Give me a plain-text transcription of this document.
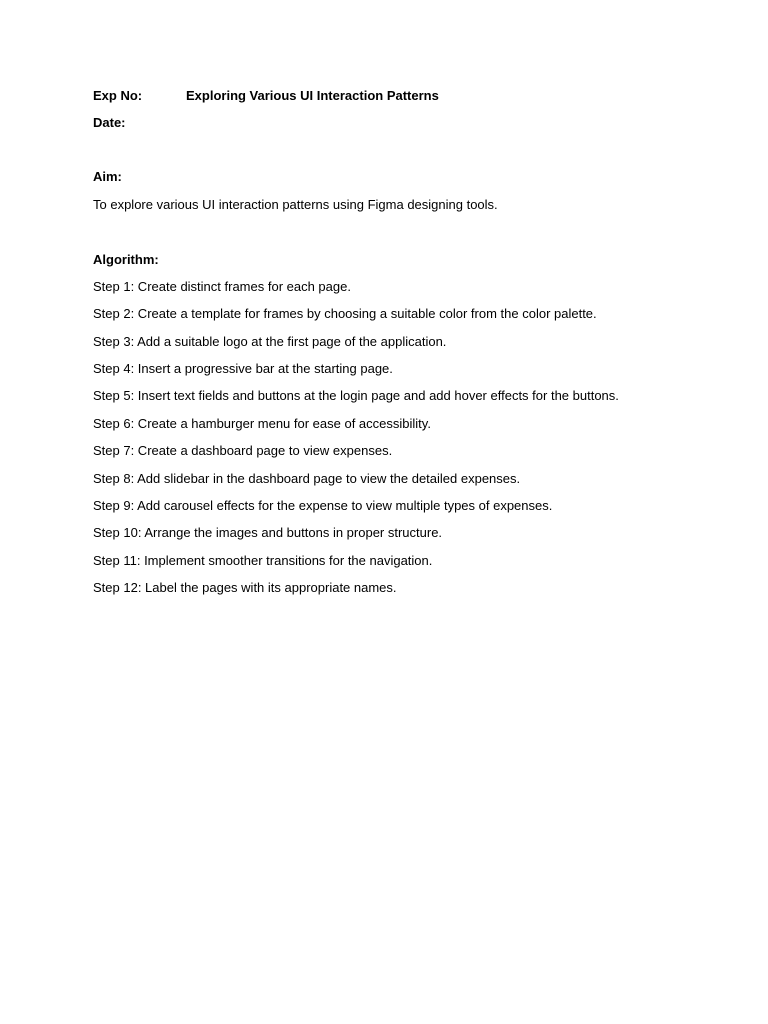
Exp No:	Exploring Various UI Interaction Patterns
Date:
Aim:
To explore various UI interaction patterns using Figma designing tools.
Algorithm:
Step 1: Create distinct frames for each page.
Step 2: Create a template for frames by choosing a suitable color from the color palette.
Step 3: Add a suitable logo at the first page of the application.
Step 4: Insert a progressive bar at the starting page.
Step 5: Insert text fields and buttons at the login page and add hover effects for the buttons.
Step 6: Create a hamburger menu for ease of accessibility.
Step 7: Create a dashboard page to view expenses.
Step 8: Add slidebar in the dashboard page to view the detailed expenses.
Step 9: Add carousel effects for the expense to view multiple types of expenses.
Step 10: Arrange the images and buttons in proper structure.
Step 11: Implement smoother transitions for the navigation.
Step 12: Label the pages with its appropriate names.
